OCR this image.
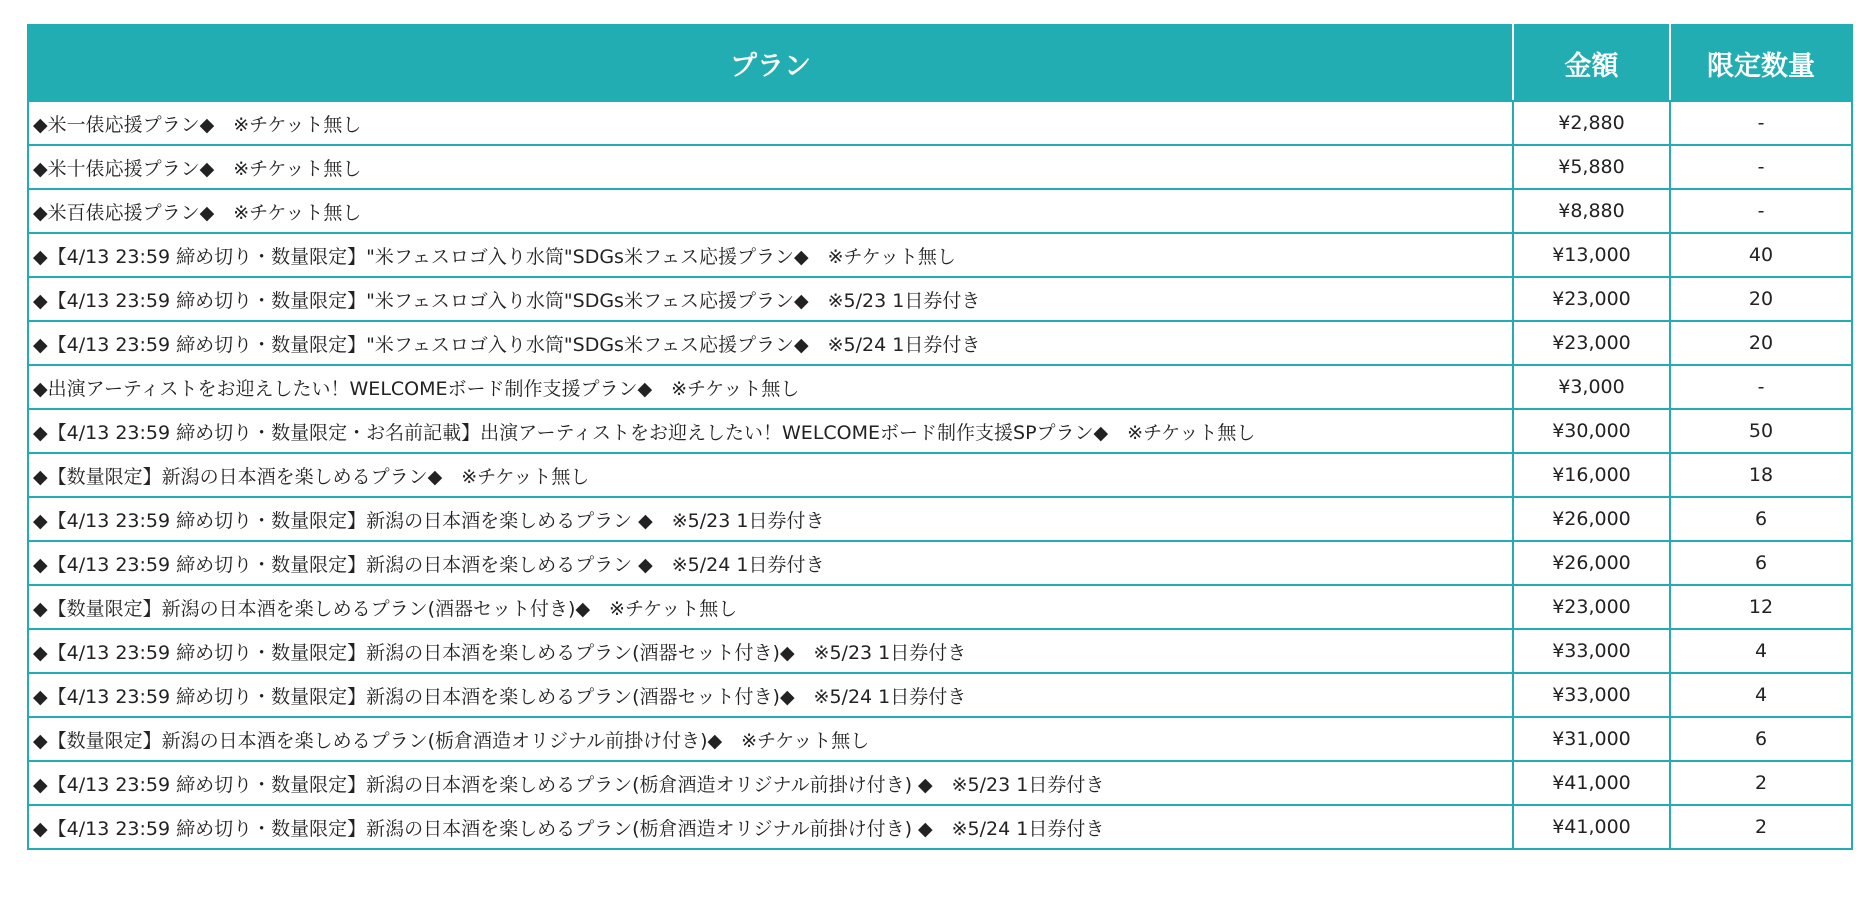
プラン	金額	限定数量
◆米一俵応援プラン◆　※チケット無し	¥2,880	-
◆米十俵応援プラン◆　※チケット無し	¥5,880	-
◆米百俵応援プラン◆　※チケット無し	¥8,880	-
◆【4/13 23:59 締め切り・数量限定】"米フェスロゴ入り水筒"SDGs米フェス応援プラン◆　※チケット無し	¥13,000	40
◆【4/13 23:59 締め切り・数量限定】"米フェスロゴ入り水筒"SDGs米フェス応援プラン◆　※5/23 1日券付き	¥23,000	20
◆【4/13 23:59 締め切り・数量限定】"米フェスロゴ入り水筒"SDGs米フェス応援プラン◆　※5/24 1日券付き	¥23,000	20
◆出演アーティストをお迎えしたい！WELCOMEボード制作支援プラン◆　※チケット無し	¥3,000	-
◆【4/13 23:59 締め切り・数量限定・お名前記載】出演アーティストをお迎えしたい！WELCOMEボード制作支援SPプラン◆　※チケット無し	¥30,000	50
◆【数量限定】新潟の日本酒を楽しめるプラン◆　※チケット無し	¥16,000	18
◆【4/13 23:59 締め切り・数量限定】新潟の日本酒を楽しめるプラン ◆　※5/23 1日券付き	¥26,000	6
◆【4/13 23:59 締め切り・数量限定】新潟の日本酒を楽しめるプラン ◆　※5/24 1日券付き	¥26,000	6
◆【数量限定】新潟の日本酒を楽しめるプラン(酒器セット付き)◆　※チケット無し	¥23,000	12
◆【4/13 23:59 締め切り・数量限定】新潟の日本酒を楽しめるプラン(酒器セット付き)◆　※5/23 1日券付き	¥33,000	4
◆【4/13 23:59 締め切り・数量限定】新潟の日本酒を楽しめるプラン(酒器セット付き)◆　※5/24 1日券付き	¥33,000	4
◆【数量限定】新潟の日本酒を楽しめるプラン(栃倉酒造オリジナル前掛け付き)◆　※チケット無し	¥31,000	6
◆【4/13 23:59 締め切り・数量限定】新潟の日本酒を楽しめるプラン(栃倉酒造オリジナル前掛け付き) ◆　※5/23 1日券付き	¥41,000	2
◆【4/13 23:59 締め切り・数量限定】新潟の日本酒を楽しめるプラン(栃倉酒造オリジナル前掛け付き) ◆　※5/24 1日券付き	¥41,000	2
